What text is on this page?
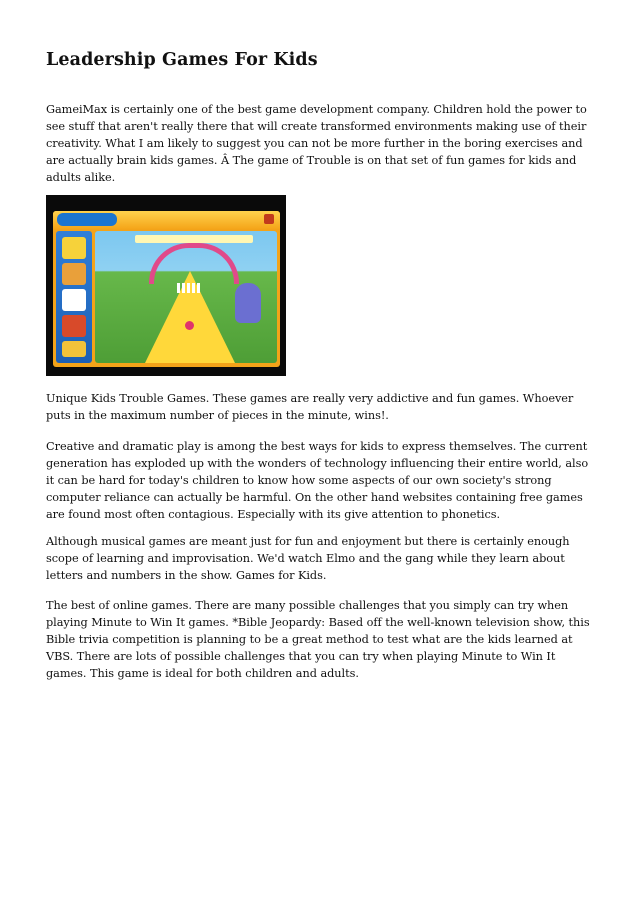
Leadership Games For Kids

GameiMax is certainly one of the best game development company. Children hold the power to see stuff that aren't really there that will create transformed environments making use of their creativity. What I am likely to suggest you can not be more further in the boring exercises and are actually brain kids games. Â The game of Trouble is on that set of fun games for kids and adults alike.

Unique Kids Trouble Games. These games are really very addictive and fun games. Whoever puts in the maximum number of pieces in the minute, wins!.

Creative and dramatic play is among the best ways for kids to express themselves. The current generation has exploded up with the wonders of technology influencing their entire world, also it can be hard for today's children to know how some aspects of our own society's strong computer reliance can actually be harmful. On the other hand websites containing free games are found most often contagious. Especially with its give attention to phonetics.

Although musical games are meant just for fun and enjoyment but there is certainly enough scope of learning and improvisation. We'd watch Elmo and the gang while they learn about letters and numbers in the show. Games for Kids.

The best of online games. There are many possible challenges that you simply can try when playing Minute to Win It games. *Bible Jeopardy: Based off the well-known television show, this Bible trivia competition is planning to be a great method to test what are the kids learned at VBS. There are lots of possible challenges that you can try when playing Minute to Win It games. This game is ideal for both children and adults.
